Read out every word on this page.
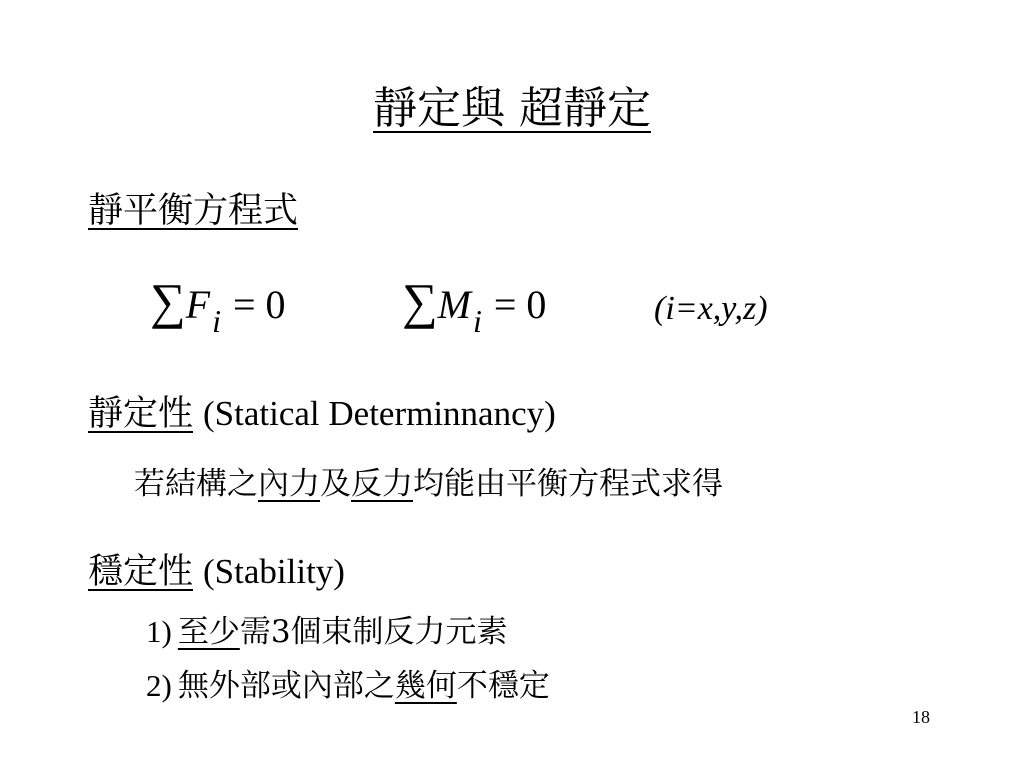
靜定與 超靜定
靜平衡方程式
$\sum F_i = 0$ $\sum M_i = 0$	(i=x,y,z)
靜定性 (Statical Determinnancy)
若結構之內力及反力均能由平衡方程式求得
穩定性 (Stability)
1) 至少需3個束制反力元素
2) 無外部或內部之幾何不穩定
18
